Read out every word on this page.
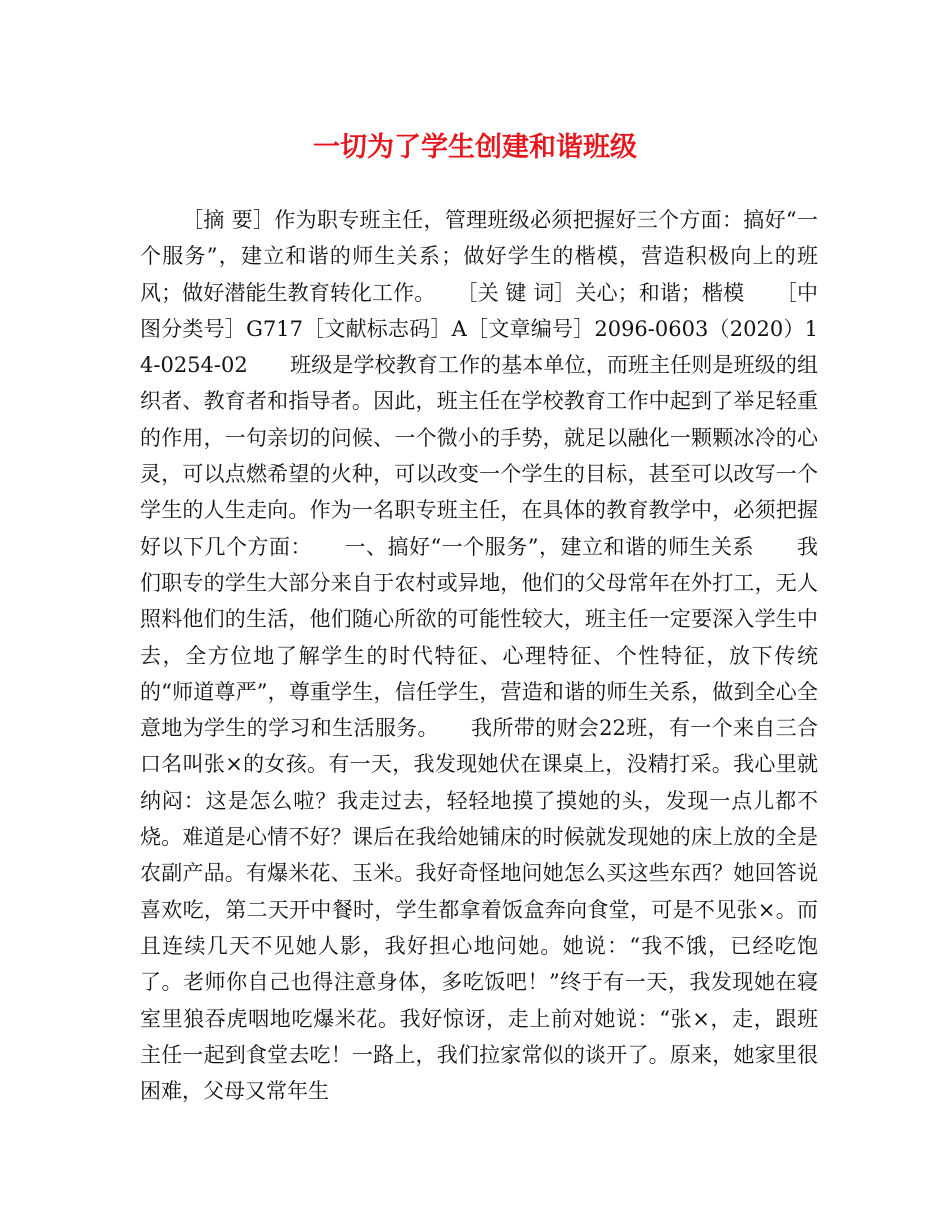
一切为了学生创建和谐班级

［摘 要］作为职专班主任，管理班级必须把握好三个方面：搞好“一个服务”，建立和谐的师生关系；做好学生的楷模，营造积极向上的班风；做好潜能生教育转化工作。　　［关 键 词］关心；和谐；楷模　　［中图分类号］G717［文献标志码］A［文章编号］2096-0603（2020）14-0254-02　　班级是学校教育工作的基本单位，而班主任则是班级的组织者、教育者和指导者。因此，班主任在学校教育工作中起到了举足轻重的作用，一句亲切的问候、一个微小的手势，就足以融化一颗颗冰冷的心灵，可以点燃希望的火种，可以改变一个学生的目标，甚至可以改写一个学生的人生走向。作为一名职专班主任，在具体的教育教学中，必须把握好以下几个方面：　　一、搞好“一个服务”，建立和谐的师生关系　　我们职专的学生大部分来自于农村或异地，他们的父母常年在外打工，无人照料他们的生活，他们随心所欲的可能性较大，班主任一定要深入学生中去，全方位地了解学生的时代特征、心理特征、个性特征，放下传统的“师道尊严”，尊重学生，信任学生，营造和谐的师生关系，做到全心全意地为学生的学习和生活服务。　　我所带的财会22班，有一个来自三合口名叫张×的女孩。有一天，我发现她伏在课桌上，没精打采。我心里就纳闷：这是怎么啦？我走过去，轻轻地摸了摸她的头，发现一点儿都不烧。难道是心情不好？课后在我给她铺床的时候就发现她的床上放的全是农副产品。有爆米花、玉米。我好奇怪地问她怎么买这些东西？她回答说喜欢吃，第二天开中餐时，学生都拿着饭盒奔向食堂，可是不见张×。而且连续几天不见她人影，我好担心地问她。她说：“我不饿，已经吃饱了。老师你自己也得注意身体，多吃饭吧！”终于有一天，我发现她在寝室里狼吞虎咽地吃爆米花。我好惊讶，走上前对她说：“张×，走，跟班主任一起到食堂去吃！一路上，我们拉家常似的谈开了。原来，她家里很困难，父母又常年生
